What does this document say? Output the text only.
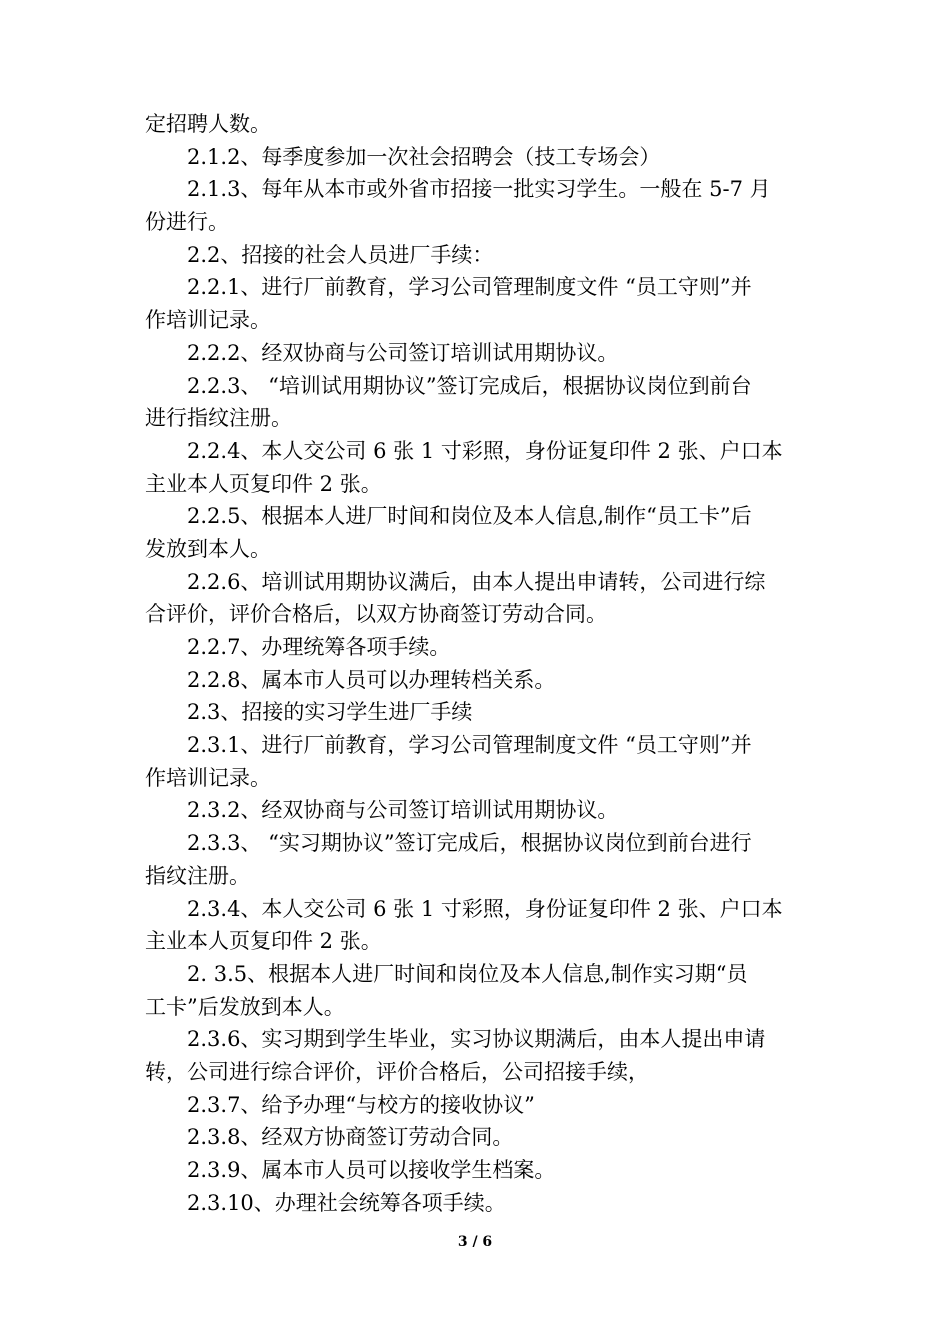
定招聘人数。
2.1.2、每季度参加一次社会招聘会（技工专场会）
2.1.3、每年从本市或外省市招接一批实习学生。一般在 5-7 月
份进行。
2.2、招接的社会人员进厂手续：
2.2.1、进行厂前教育，学习公司管理制度文件 “员工守则”并
作培训记录。
2.2.2、经双协商与公司签订培训试用期协议。
2.2.3、 “培训试用期协议”签订完成后，根据协议岗位到前台
进行指纹注册。
2.2.4、本人交公司 6 张 1 寸彩照，身份证复印件 2 张、户口本
主业本人页复印件 2 张。
2.2.5、根据本人进厂时间和岗位及本人信息,制作“员工卡”后
发放到本人。
2.2.6、培训试用期协议满后，由本人提出申请转，公司进行综
合评价，评价合格后，以双方协商签订劳动合同。
2.2.7、办理统筹各项手续。
2.2.8、属本市人员可以办理转档关系。
2.3、招接的实习学生进厂手续
2.3.1、进行厂前教育，学习公司管理制度文件 “员工守则”并
作培训记录。
2.3.2、经双协商与公司签订培训试用期协议。
2.3.3、 “实习期协议”签订完成后，根据协议岗位到前台进行
指纹注册。
2.3.4、本人交公司 6 张 1 寸彩照，身份证复印件 2 张、户口本
主业本人页复印件 2 张。
2. 3.5、根据本人进厂时间和岗位及本人信息,制作实习期“员
工卡”后发放到本人。
2.3.6、实习期到学生毕业，实习协议期满后，由本人提出申请
转，公司进行综合评价，评价合格后，公司招接手续，
2.3.7、给予办理“与校方的接收协议”
2.3.8、经双方协商签订劳动合同。
2.3.9、属本市人员可以接收学生档案。
2.3.10、办理社会统筹各项手续。
3 / 6
